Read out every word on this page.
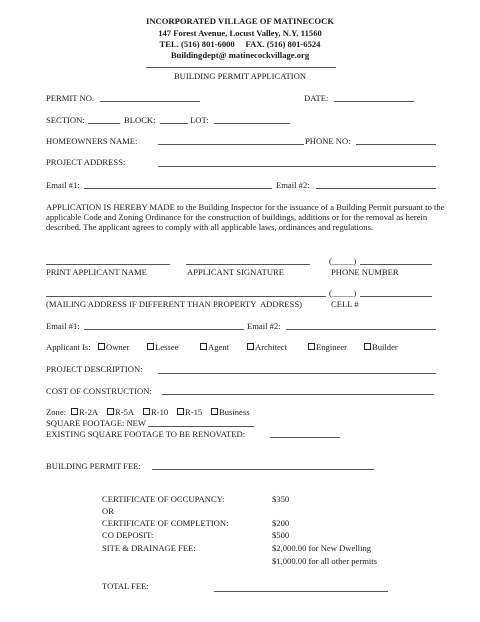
INCORPORATED VILLAGE OF MATINECOCK
147 Forest Avenue, Locust Valley, N.Y. 11560
TEL. (516) 801-6000     FAX. (516) 801-6524
Buildingdept@ matinecockvillage.org
BUILDING PERMIT APPLICATION
PERMIT NO.	DATE:
SECTION:	BLOCK:	LOT:
HOMEOWNERS NAME:	PHONE NO:
PROJECT ADDRESS:
Email #1:	Email #2:
APPLICATION IS HEREBY MADE to the Building Inspector for the issuance of a Building Permit pursuant to the applicable Code and Zoning Ordinance for the construction of buildings, additions or for the removal as herein described. The applicant agrees to comply with all applicable laws, ordinances and regulations.
(_____)
PRINT APPLICANT NAME	APPLICANT SIGNATURE	PHONE NUMBER
(_____)
(MAILING ADDRESS IF DIFFERENT THAN PROPERTY  ADDRESS)	CELL #
Email #1:	Email #2:
Applicant Is:	Owner	Lessee	Agent	Architect	Engineer	Builder
PROJECT DESCRIPTION:
COST OF CONSTRUCTION:
Zone:	R-2A	R-5A	R-10	R-15	Business
SQUARE FOOTAGE: NEW
EXISTING SQUARE FOOTAGE TO BE RENOVATED:
BUILDING PERMIT FEE:
CERTIFICATE OF OCCUPANCY:	$350
OR
CERTIFICATE OF COMPLETION:	$200
CO DEPOSIT:	$500
SITE & DRAINAGE FEE:	$2,000.00 for New Dwelling
$1,000.00 for all other permits
TOTAL FEE:
